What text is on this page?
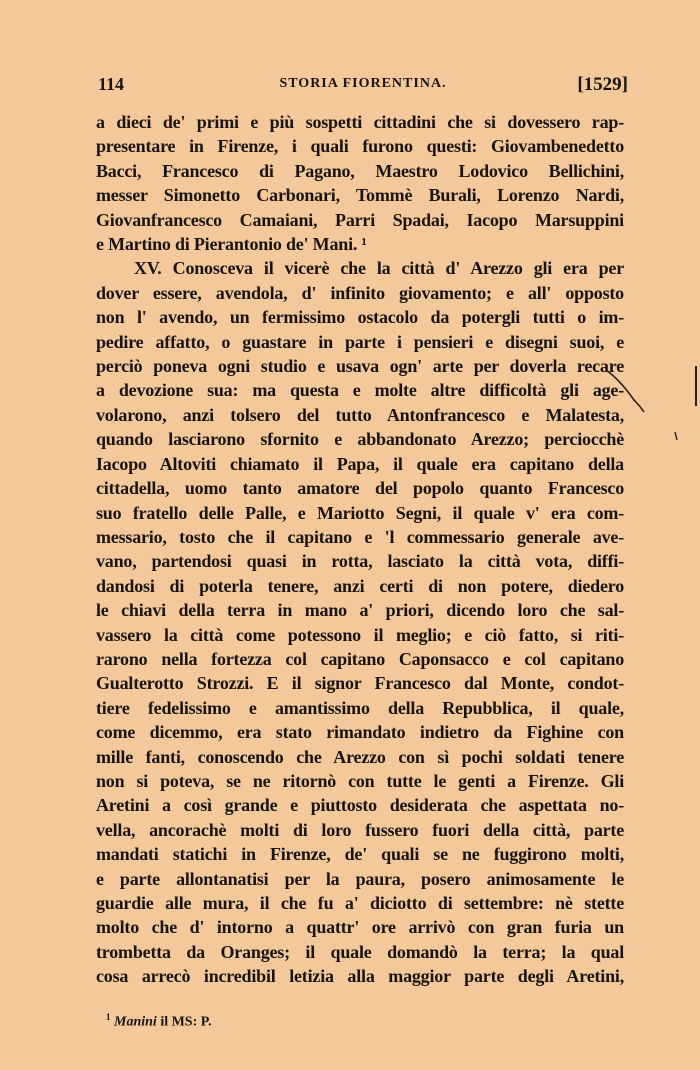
114	STORIA FIORENTINA.	[1529]
a dieci de' primi e più sospetti cittadini che si dovessero rap-
presentare in Firenze, i quali furono questi: Giovambenedetto
Bacci, Francesco di Pagano, Maestro Lodovico Bellichini,
messer Simonetto Carbonari, Tommè Burali, Lorenzo Nardi,
Giovanfrancesco Camaiani, Parri Spadai, Iacopo Marsuppini
e Martino di Pierantonio de' Mani. ¹
XV. Conosceva il vicerè che la città d' Arezzo gli era per
dover essere, avendola, d' infinito giovamento; e all' opposto
non l' avendo, un fermissimo ostacolo da potergli tutti o im-
pedire affatto, o guastare in parte i pensieri e disegni suoi, e
perciò poneva ogni studio e usava ogn' arte per doverla recare
a devozione sua: ma questa e molte altre difficoltà gli age-
volarono, anzi tolsero del tutto Antonfrancesco e Malatesta,
quando lasciarono sfornito e abbandonato Arezzo; perciocchè
Iacopo Altoviti chiamato il Papa, il quale era capitano della
cittadella, uomo tanto amatore del popolo quanto Francesco
suo fratello delle Palle, e Mariotto Segni, il quale v' era com-
messario, tosto che il capitano e 'l commessario generale ave-
vano, partendosi quasi in rotta, lasciato la città vota, diffi-
dandosi di poterla tenere, anzi certi di non potere, diedero
le chiavi della terra in mano a' priori, dicendo loro che sal-
vassero la città come potessono il meglio; e ciò fatto, si riti-
rarono nella fortezza col capitano Caponsacco e col capitano
Gualterotto Strozzi. E il signor Francesco dal Monte, condot-
tiere fedelissimo e amantissimo della Repubblica, il quale,
come dicemmo, era stato rimandato indietro da Fighine con
mille fanti, conoscendo che Arezzo con sì pochi soldati tenere
non si poteva, se ne ritornò con tutte le genti a Firenze. Gli
Aretini a così grande e piuttosto desiderata che aspettata no-
vella, ancorachè molti di loro fussero fuori della città, parte
mandati statichi in Firenze, de' quali se ne fuggirono molti,
e parte allontanatisi per la paura, posero animosamente le
guardie alle mura, il che fu a' diciotto di settembre: nè stette
molto che d' intorno a quattr' ore arrivò con gran furia un
trombetta da Oranges; il quale domandò la terra; la qual
cosa arrecò incredibil letizia alla maggior parte degli Aretini,
$^1$ Manini il MS: P.
